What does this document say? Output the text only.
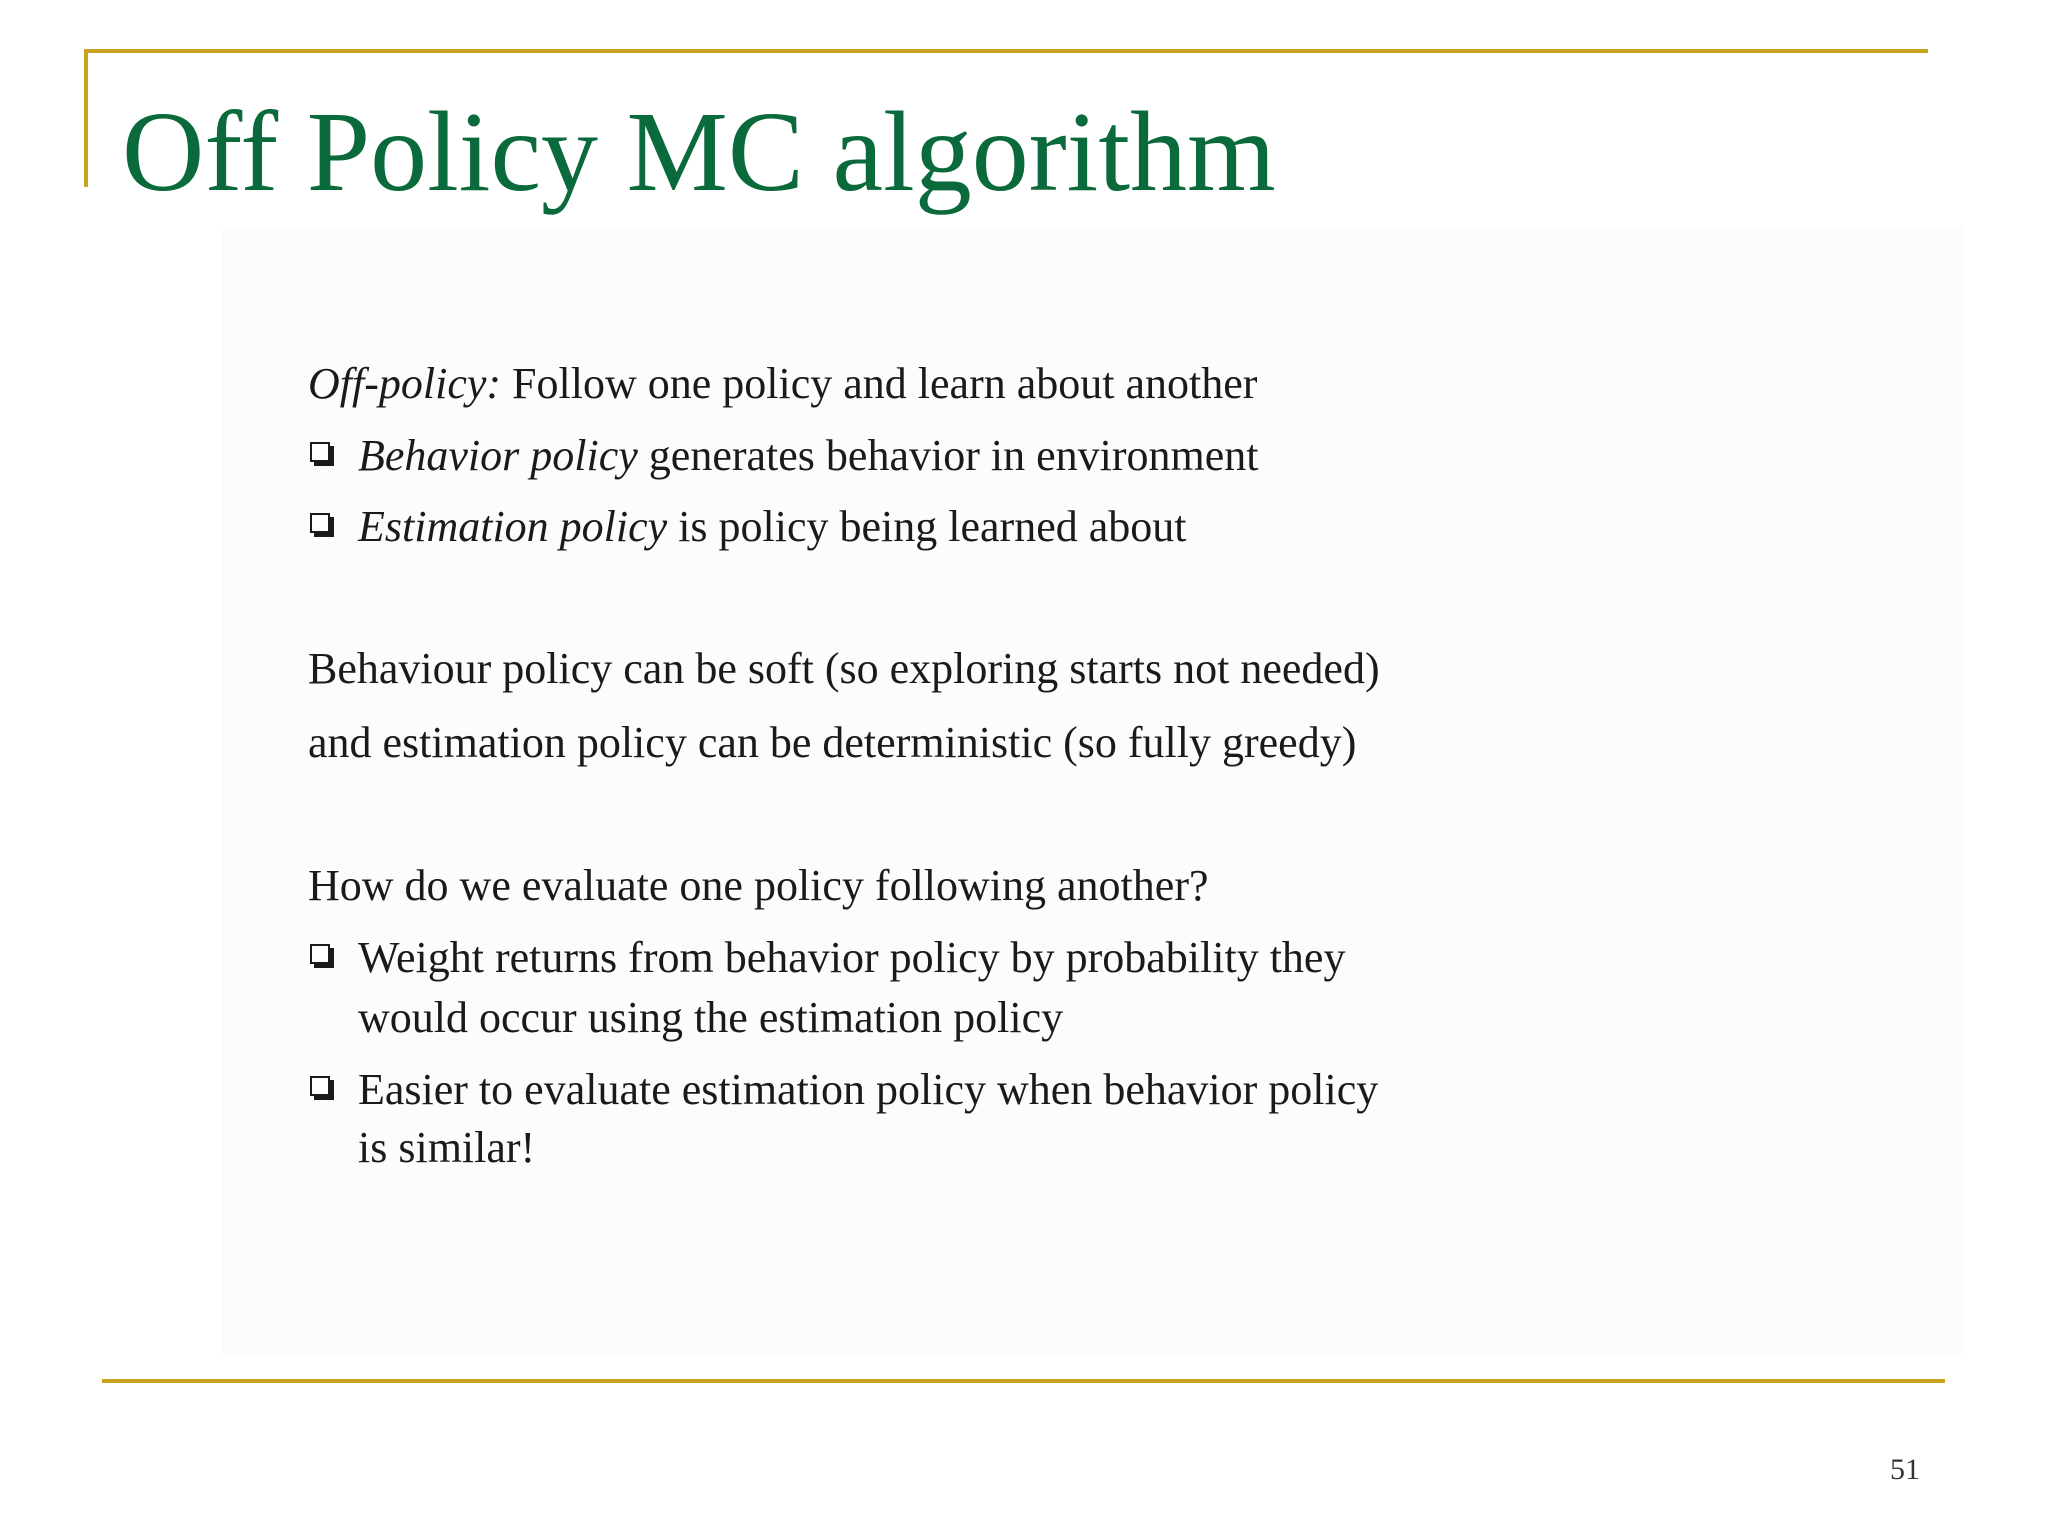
Off Policy MC algorithm
Off-policy: Follow one policy and learn about another
Behavior policy generates behavior in environment
Estimation policy is policy being learned about
Behaviour policy can be soft (so exploring starts not needed)
and estimation policy can be deterministic (so fully greedy)
How do we evaluate one policy following another?
Weight returns from behavior policy by probability they
would occur using the estimation policy
Easier to evaluate estimation policy when behavior policy
is similar!
51
